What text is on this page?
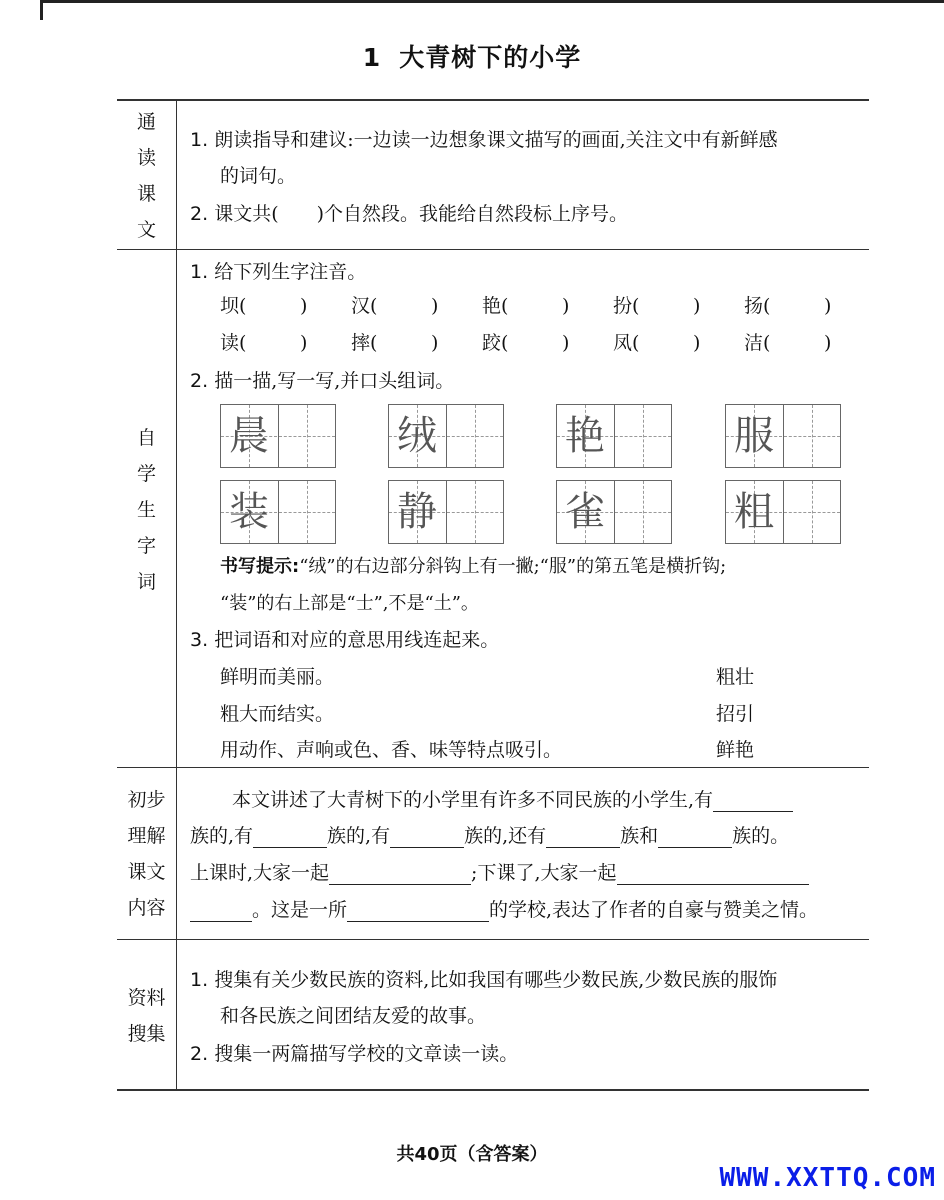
1 大青树下的小学
通
读
课
文
1. 朗读指导和建议:一边读一边想象课文描写的画面,关注文中有新鲜感
的词句。
2. 课文共(　　)个自然段。我能给自然段标上序号。
自
学
生
字
词
1. 给下列生字注音。
坝(	) 汉(	) 艳(	) 扮(	) 扬(	)
读(	) 摔(	) 跤(	) 凤(	) 洁(	)
2. 描一描,写一写,并口头组词。
晨	绒	艳	服
装	静	雀	粗
书写提示:“绒”的右边部分斜钩上有一撇;“服”的第五笔是横折钩;
“装”的右上部是“士”,不是“土”。
3. 把词语和对应的意思用线连起来。
鲜明而美丽。	粗壮
粗大而结实。	招引
用动作、声响或色、香、味等特点吸引。	鲜艳
初步
理解
课文
内容
本文讲述了大青树下的小学里有许多不同民族的小学生,有
族的,有	族的,有	族的,还有	族和	族的。
上课时,大家一起	;下课了,大家一起
。这是一所	的学校,表达了作者的自豪与赞美之情。
资料
搜集
1. 搜集有关少数民族的资料,比如我国有哪些少数民族,少数民族的服饰
和各民族之间团结友爱的故事。
2. 搜集一两篇描写学校的文章读一读。
共40页（含答案）
WWW.XXTTQ.COM
